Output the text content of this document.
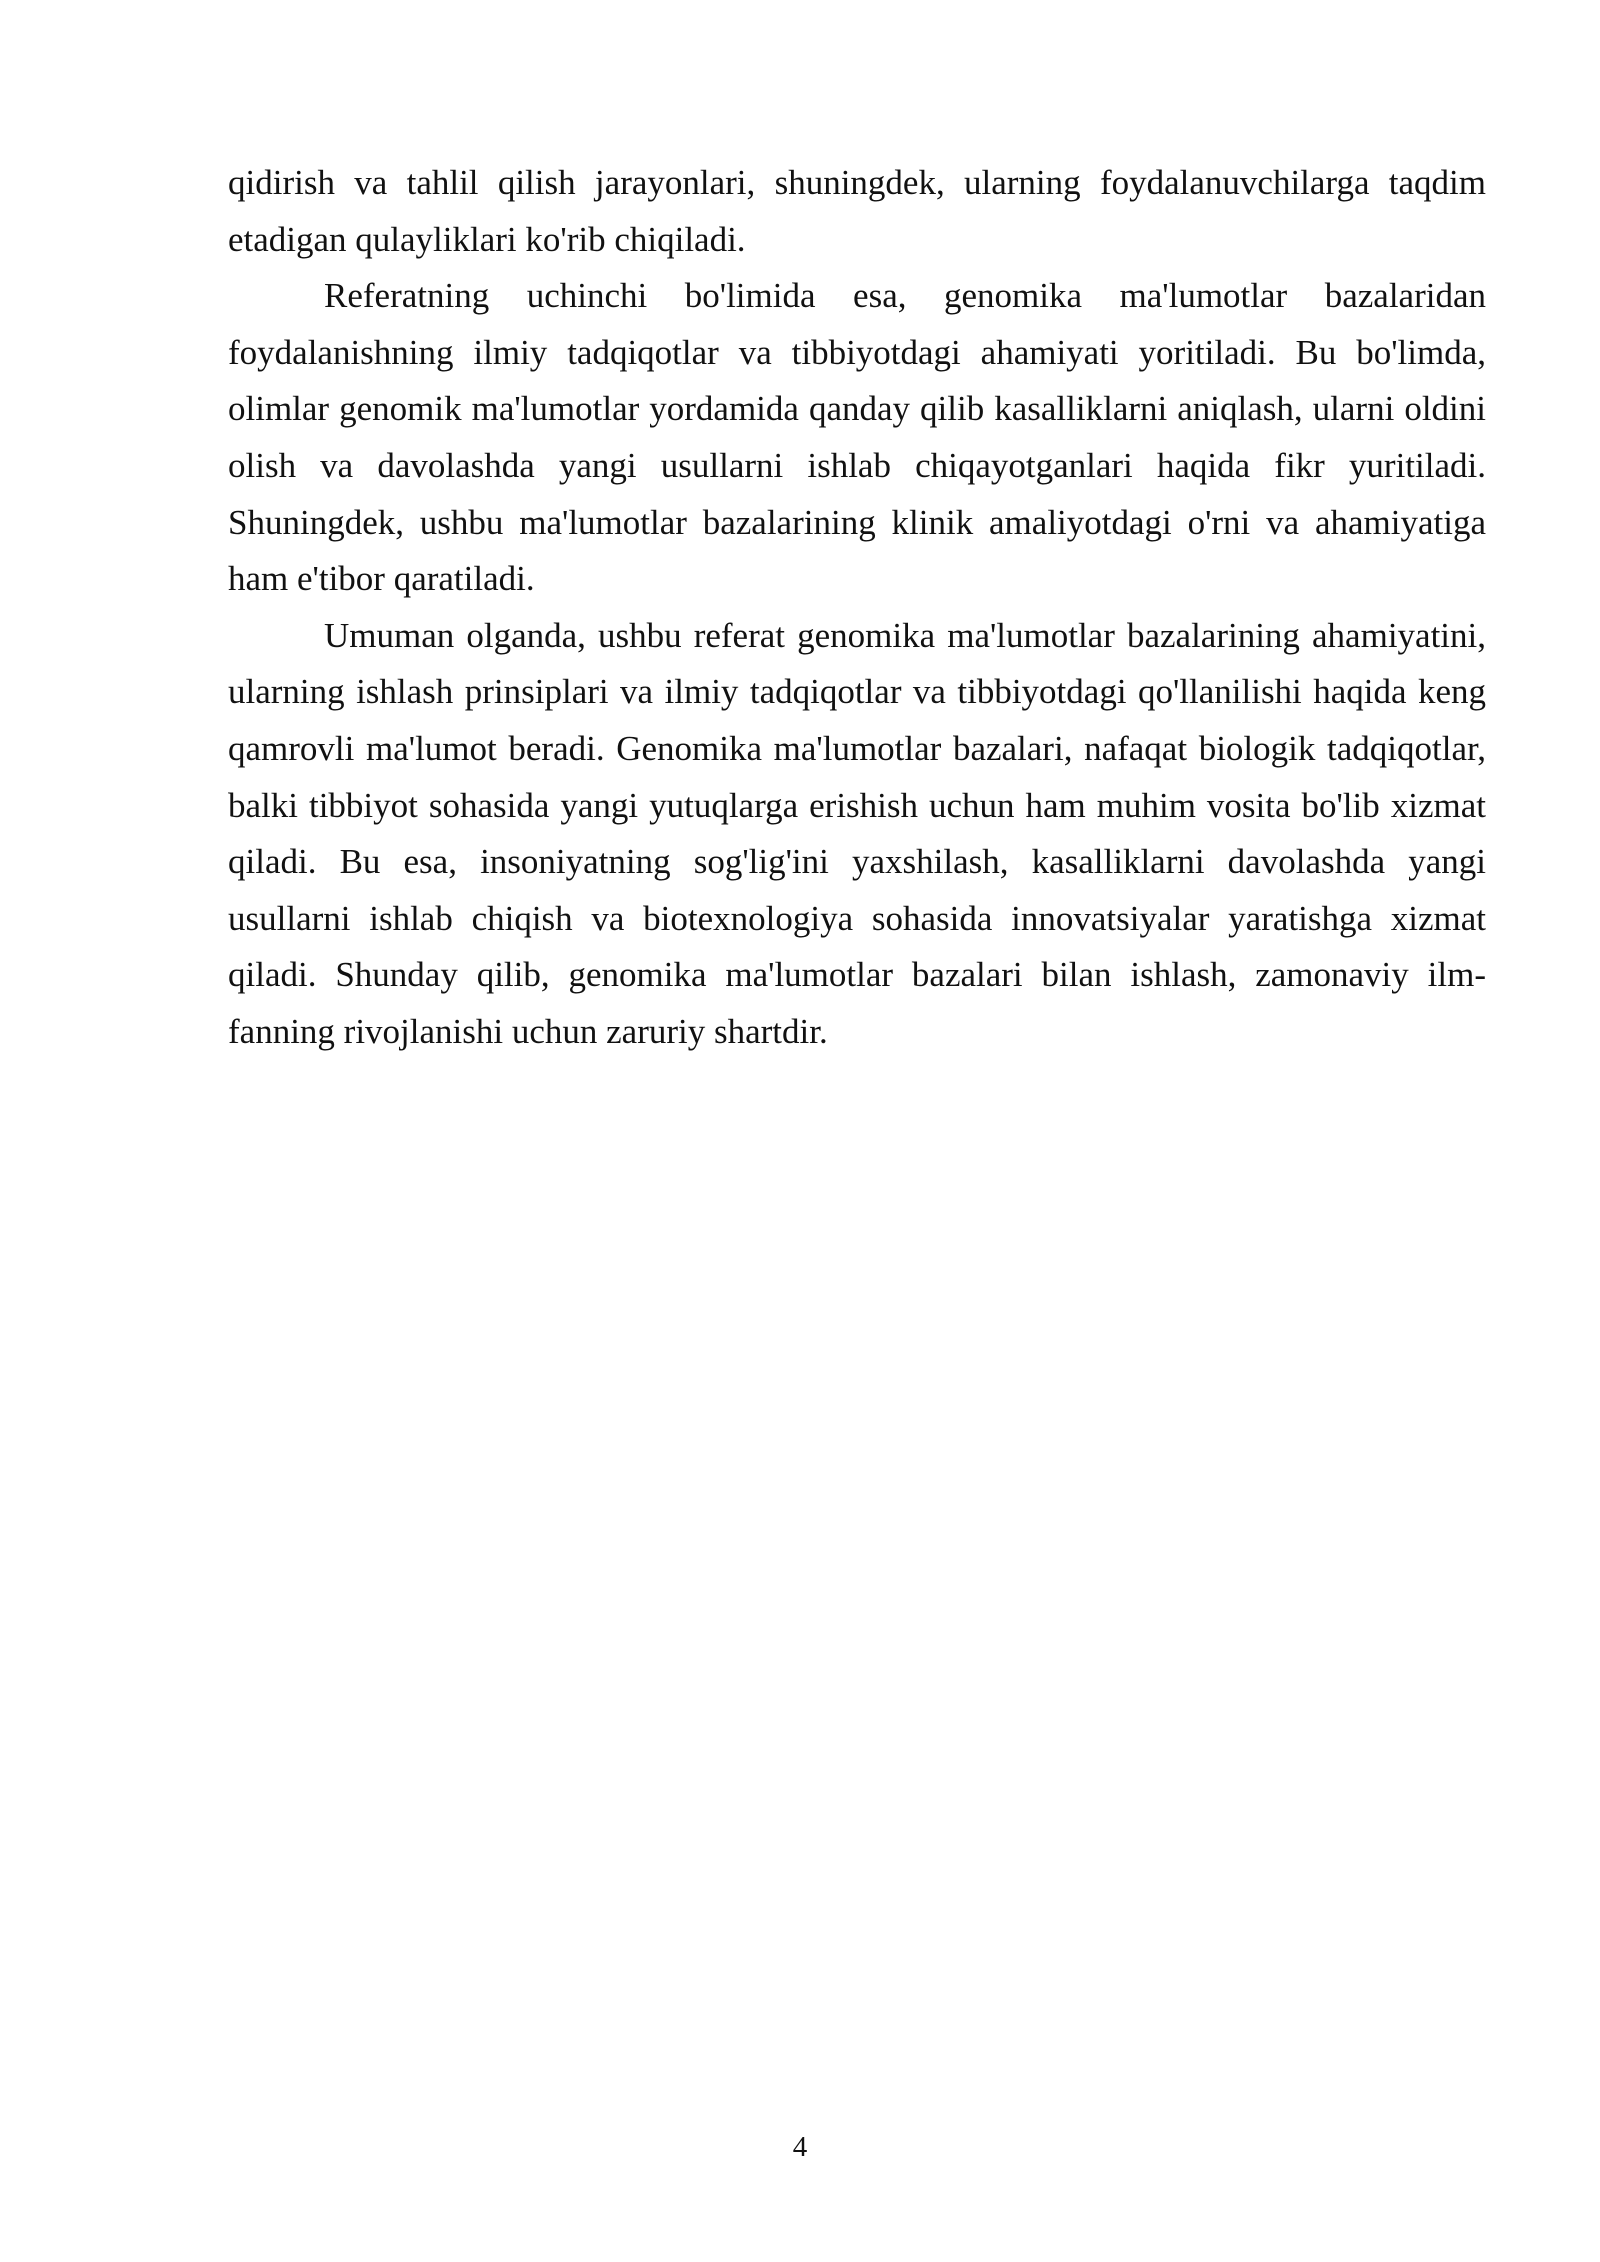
qidirish va tahlil qilish jarayonlari, shuningdek, ularning foydalanuvchilarga taqdim etadigan qulayliklari ko'rib chiqiladi.

Referatning uchinchi bo'limida esa, genomika ma'lumotlar bazalaridan foydalanishning ilmiy tadqiqotlar va tibbiyotdagi ahamiyati yoritiladi. Bu bo'limda, olimlar genomik ma'lumotlar yordamida qanday qilib kasalliklarni aniqlash, ularni oldini olish va davolashda yangi usullarni ishlab chiqayotganlari haqida fikr yuritiladi. Shuningdek, ushbu ma'lumotlar bazalarining klinik amaliyotdagi o'rni va ahamiyatiga ham e'tibor qaratiladi.

Umuman olganda, ushbu referat genomika ma'lumotlar bazalarining ahamiyatini, ularning ishlash prinsiplari va ilmiy tadqiqotlar va tibbiyotdagi qo'llanilishi haqida keng qamrovli ma'lumot beradi. Genomika ma'lumotlar bazalari, nafaqat biologik tadqiqotlar, balki tibbiyot sohasida yangi yutuqlarga erishish uchun ham muhim vosita bo'lib xizmat qiladi. Bu esa, insoniyatning sog'lig'ini yaxshilash, kasalliklarni davolashda yangi usullarni ishlab chiqish va biotexnologiya sohasida innovatsiyalar yaratishga xizmat qiladi. Shunday qilib, genomika ma'lumotlar bazalari bilan ishlash, zamonaviy ilm-fanning rivojlanishi uchun zaruriy shartdir.

4
